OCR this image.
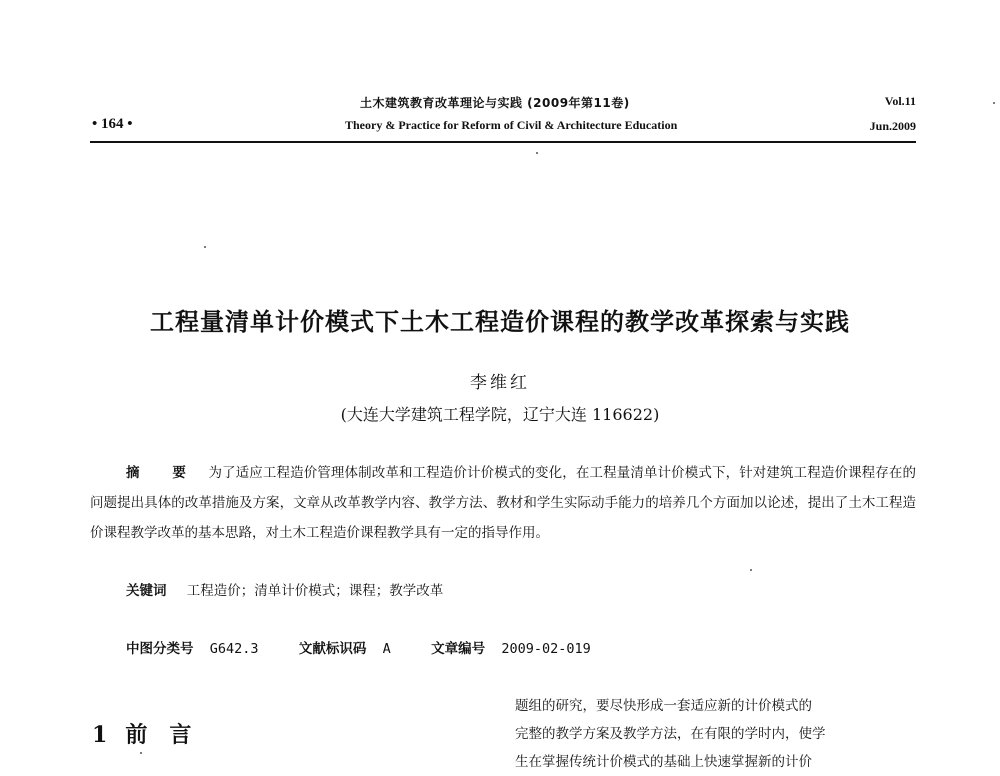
• 164 •
土木建筑教育改革理论与实践 (2009年第11卷)
Theory & Practice for Reform of Civil & Architecture Education
Vol.11
Jun.2009
工程量清单计价模式下土木工程造价课程的教学改革探索与实践
李维红
(大连大学建筑工程学院，辽宁大连 116622)
摘 要 为了适应工程造价管理体制改革和工程造价计价模式的变化，在工程量清单计价模式下，针对建筑工程造价课程存在的问题提出具体的改革措施及方案，文章从改革教学内容、教学方法、教材和学生实际动手能力的培养几个方面加以论述，提出了土木工程造价课程教学改革的基本思路，对土木工程造价课程教学具有一定的指导作用。
关键词 工程造价；清单计价模式；课程；教学改革
中图分类号 G642.3	文献标识码 A	文章编号 2009-02-019
1 前言

题组的研究，要尽快形成一套适应新的计价模式的

完整的教学方案及教学方法，在有限的学时内，使学

生在掌握传统计价模式的基础上快速掌握新的计价
